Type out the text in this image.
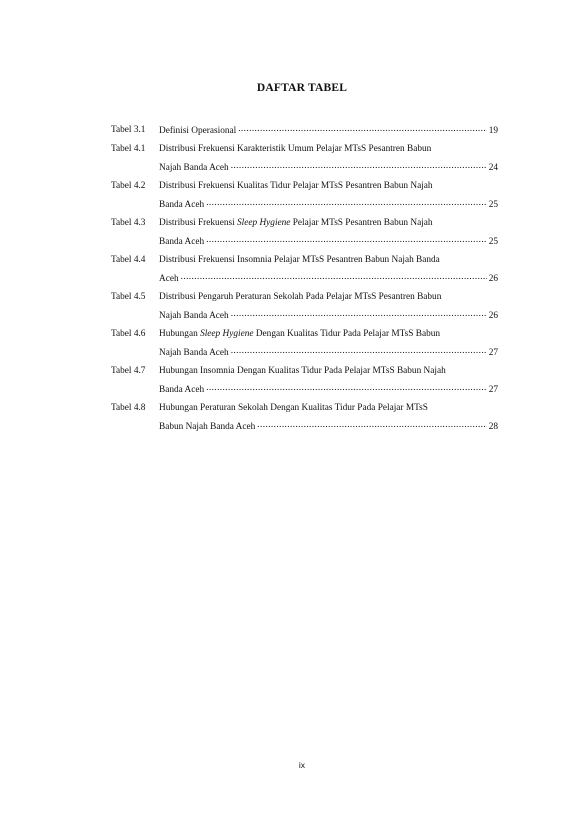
DAFTAR TABEL
Tabel 3.1	Definisi Operasional .....	19
Tabel 4.1	Distribusi Frekuensi Karakteristik Umum Pelajar MTsS Pesantren Babun
Najah Banda Aceh .....	24
Tabel 4.2	Distribusi Frekuensi Kualitas Tidur Pelajar MTsS Pesantren Babun Najah
Banda Aceh .....	25
Tabel 4.3	Distribusi Frekuensi Sleep Hygiene Pelajar MTsS Pesantren Babun Najah
Banda Aceh .....	25
Tabel 4.4	Distribusi Frekuensi Insomnia Pelajar MTsS Pesantren Babun Najah Banda
Aceh .....	26
Tabel 4.5	Distribusi Pengaruh Peraturan Sekolah Pada Pelajar MTsS Pesantren Babun
Najah Banda Aceh .....	26
Tabel 4.6	Hubungan Sleep Hygiene Dengan Kualitas Tidur Pada Pelajar MTsS Babun
Najah Banda Aceh .....	27
Tabel 4.7	Hubungan Insomnia Dengan Kualitas Tidur Pada Pelajar MTsS Babun Najah
Banda Aceh .....	27
Tabel 4.8	Hubungan Peraturan Sekolah Dengan Kualitas Tidur Pada Pelajar MTsS
Babun Najah Banda Aceh .....	28
ix
